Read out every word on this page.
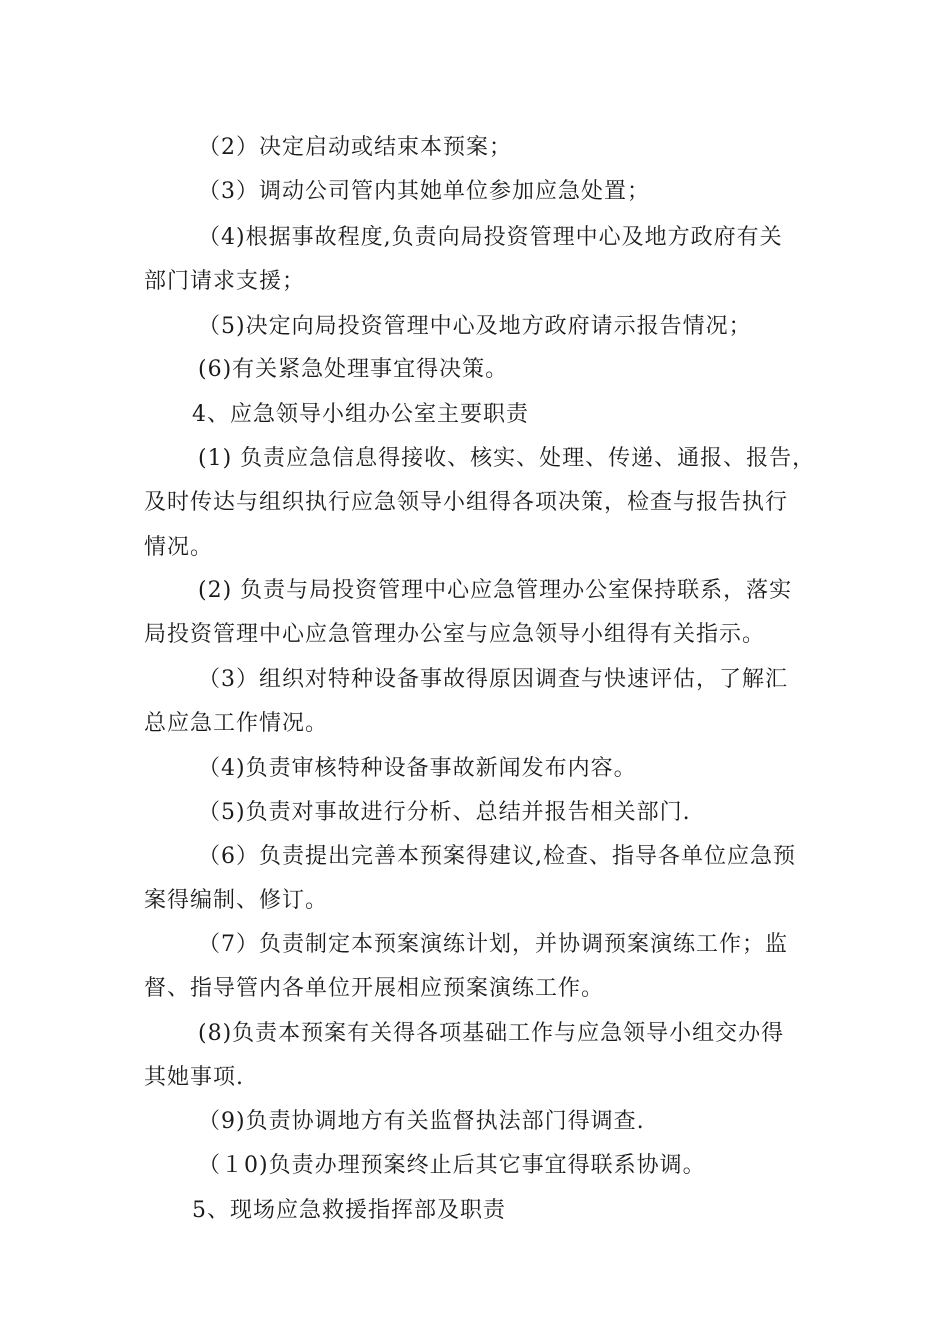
（2）决定启动或结束本预案；
（3）调动公司管内其她单位参加应急处置；
（4)根据事故程度,负责向局投资管理中心及地方政府有关
部门请求支援；
（5)决定向局投资管理中心及地方政府请示报告情况；
(6)有关紧急处理事宜得决策。
4、应急领导小组办公室主要职责
(1) 负责应急信息得接收、核实、处理、传递、通报、报告，
及时传达与组织执行应急领导小组得各项决策，检查与报告执行
情况。
(2) 负责与局投资管理中心应急管理办公室保持联系，落实
局投资管理中心应急管理办公室与应急领导小组得有关指示。
（3）组织对特种设备事故得原因调查与快速评估，了解汇
总应急工作情况。
（4)负责审核特种设备事故新闻发布内容。
（5)负责对事故进行分析、总结并报告相关部门.
（6）负责提出完善本预案得建议,检查、指导各单位应急预
案得编制、修订。
（7）负责制定本预案演练计划，并协调预案演练工作；监
督、指导管内各单位开展相应预案演练工作。
(8)负责本预案有关得各项基础工作与应急领导小组交办得
其她事项.
（9)负责协调地方有关监督执法部门得调查.
（１0)负责办理预案终止后其它事宜得联系协调。
5、现场应急救援指挥部及职责
